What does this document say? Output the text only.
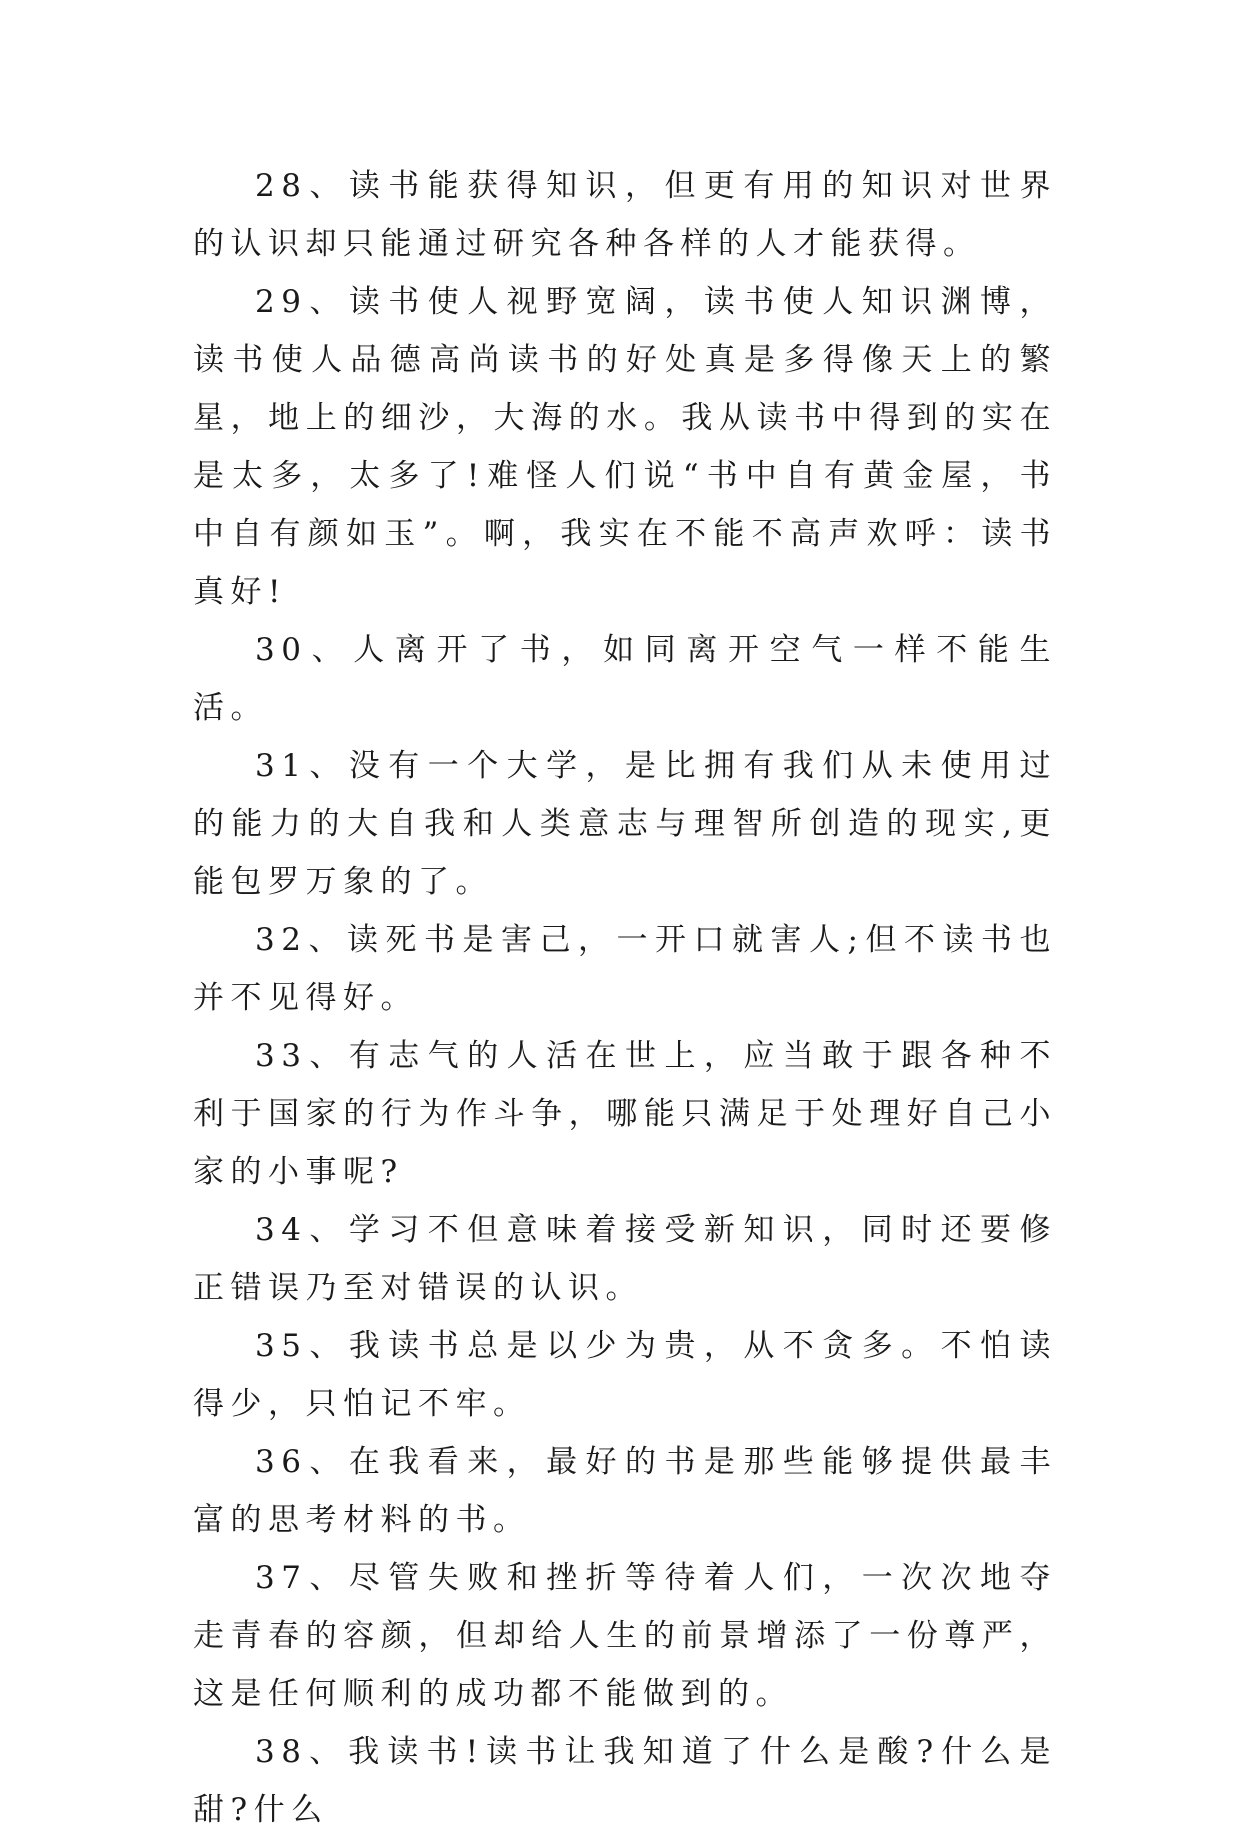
28、读书能获得知识，但更有用的知识对世界的认识却只能通过研究各种各样的人才能获得。

29、读书使人视野宽阔，读书使人知识渊博，读书使人品德高尚读书的好处真是多得像天上的繁星，地上的细沙，大海的水。我从读书中得到的实在是太多，太多了!难怪人们说“书中自有黄金屋，书中自有颜如玉”。啊，我实在不能不高声欢呼：读书真好!

30、人离开了书，如同离开空气一样不能生活。

31、没有一个大学，是比拥有我们从未使用过的能力的大自我和人类意志与理智所创造的现实,更能包罗万象的了。

32、读死书是害己，一开口就害人;但不读书也并不见得好。

33、有志气的人活在世上，应当敢于跟各种不利于国家的行为作斗争，哪能只满足于处理好自己小家的小事呢?

34、学习不但意味着接受新知识，同时还要修正错误乃至对错误的认识。

35、我读书总是以少为贵，从不贪多。不怕读得少，只怕记不牢。

36、在我看来，最好的书是那些能够提供最丰富的思考材料的书。

37、尽管失败和挫折等待着人们，一次次地夺走青春的容颜，但却给人生的前景增添了一份尊严，这是任何顺利的成功都不能做到的。

38、我读书!读书让我知道了什么是酸?什么是甜?什么
